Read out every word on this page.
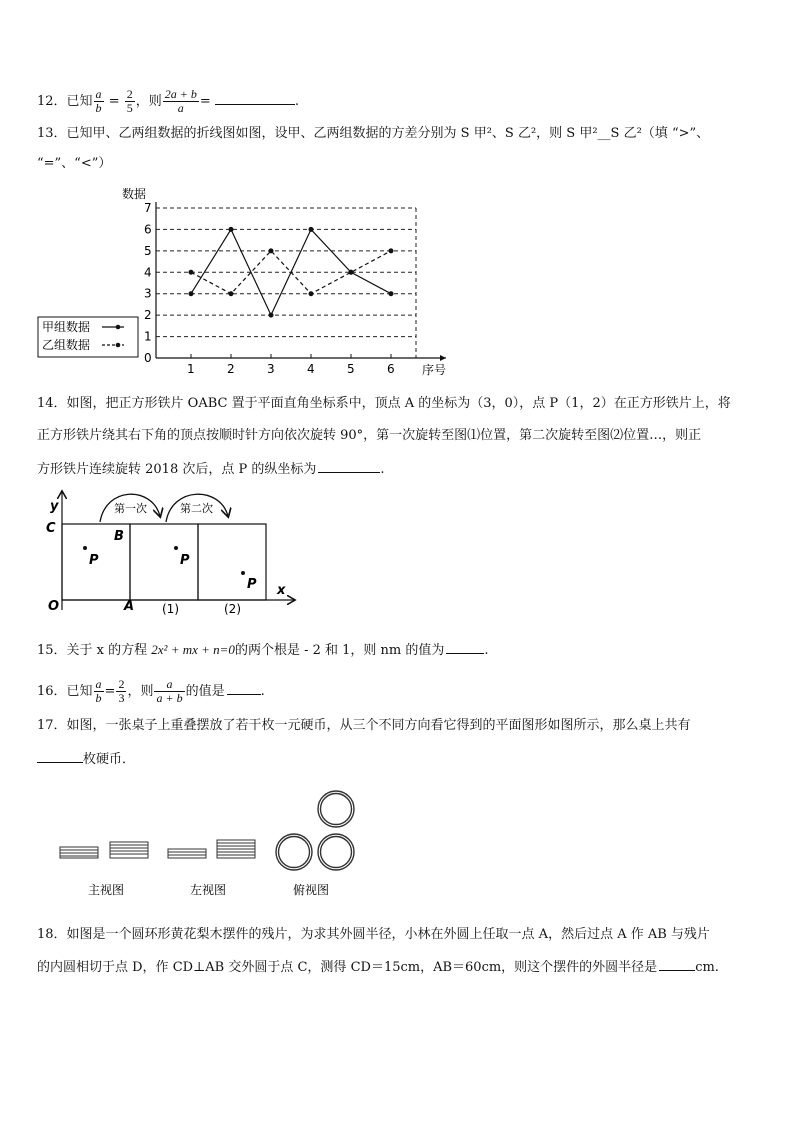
12．已知 $\frac{a}{b} = \frac{2}{5}$ ，则 $\frac{2a + b}{a}$ =	.
13．已知甲、乙两组数据的折线图如图，设甲、乙两组数据的方差分别为 S 甲²、S 乙²，则 S 甲²__S 乙²（填 “>”、
“=”、“<”）
数据
序号
0
1
2
3
4
5
6
7
1	2	3	4	5	6
甲组数据
乙组数据
14．如图，把正方形铁片 OABC 置于平面直角坐标系中，顶点 A 的坐标为（3，0），点 P（1，2）在正方形铁片上，将
正方形铁片绕其右下角的顶点按顺时针方向依次旋转 90°，第一次旋转至图⑴位置，第二次旋转至图⑵位置…，则正
方形铁片连续旋转 2018 次后，点 P 的纵坐标为	.
第一次	第二次
y
x
C
B
O	A
P	P
P
(1)	(2)
15．关于 x 的方程 2x² + mx + n=0的两个根是 - 2 和 1，则 nm 的值为	.
16．已知 $\frac{a}{b} = \frac{2}{3}$ ，则 $\frac{a}{a + b}$ 的值是	.
17．如图，一张桌子上重叠摆放了若干枚一元硬币，从三个不同方向看它得到的平面图形如图所示，那么桌上共有
枚硬币．
主视图	左视图	俯视图
18．如图是一个圆环形黄花梨木摆件的残片，为求其外圆半径，小林在外圆上任取一点 A，然后过点 A 作 AB 与残片
的内圆相切于点 D，作 CD⊥AB 交外圆于点 C，测得 CD＝15cm，AB＝60cm，则这个摆件的外圆半径是	cm.
